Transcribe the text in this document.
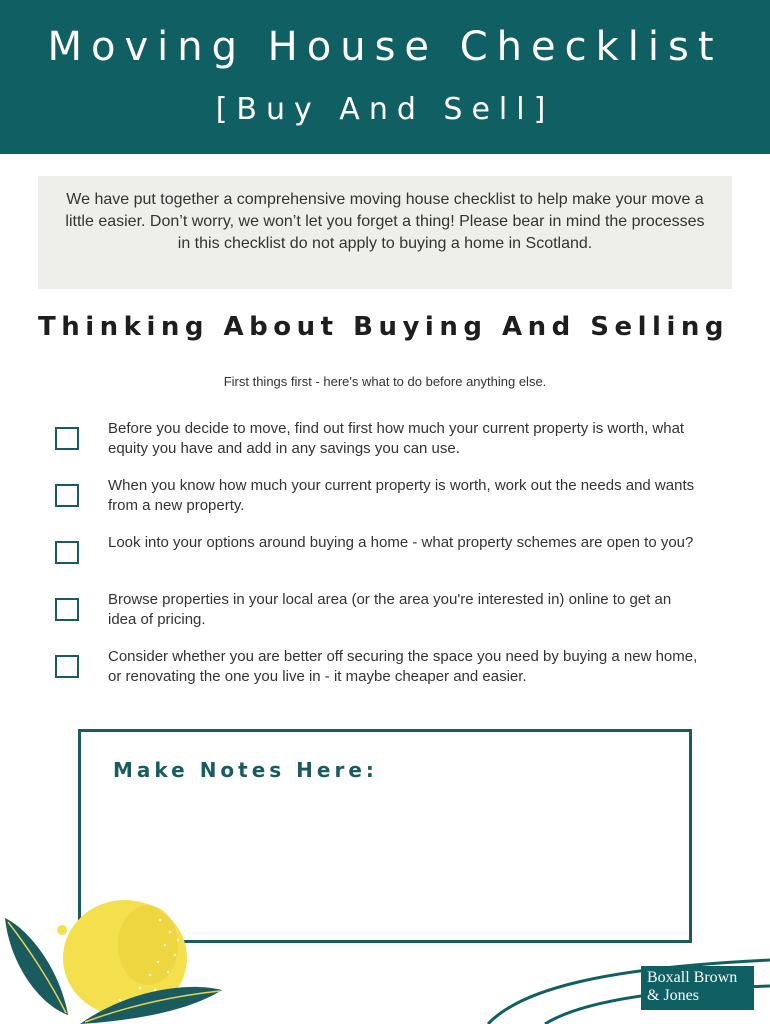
Moving House Checklist
[Buy And Sell]
We have put together a comprehensive moving house checklist to help make your move a little easier. Don’t worry, we won’t let you forget a thing! Please bear in mind the processes in this checklist do not apply to buying a home in Scotland.
Thinking About Buying And Selling
First things first - here's what to do before anything else.
Before you decide to move, find out first how much your current property is worth, what equity you have and add in any savings you can use.
When you know how much your current property is worth, work out the needs and wants from a new property.
Look into your options around buying a home - what property schemes are open to you?
Browse properties in your local area (or the area you're interested in) online to get an idea of pricing.
Consider whether you are better off securing the space you need by buying a new home, or renovating the one you live in - it maybe cheaper and easier.
Make Notes Here:
Boxall Brown
& Jones
